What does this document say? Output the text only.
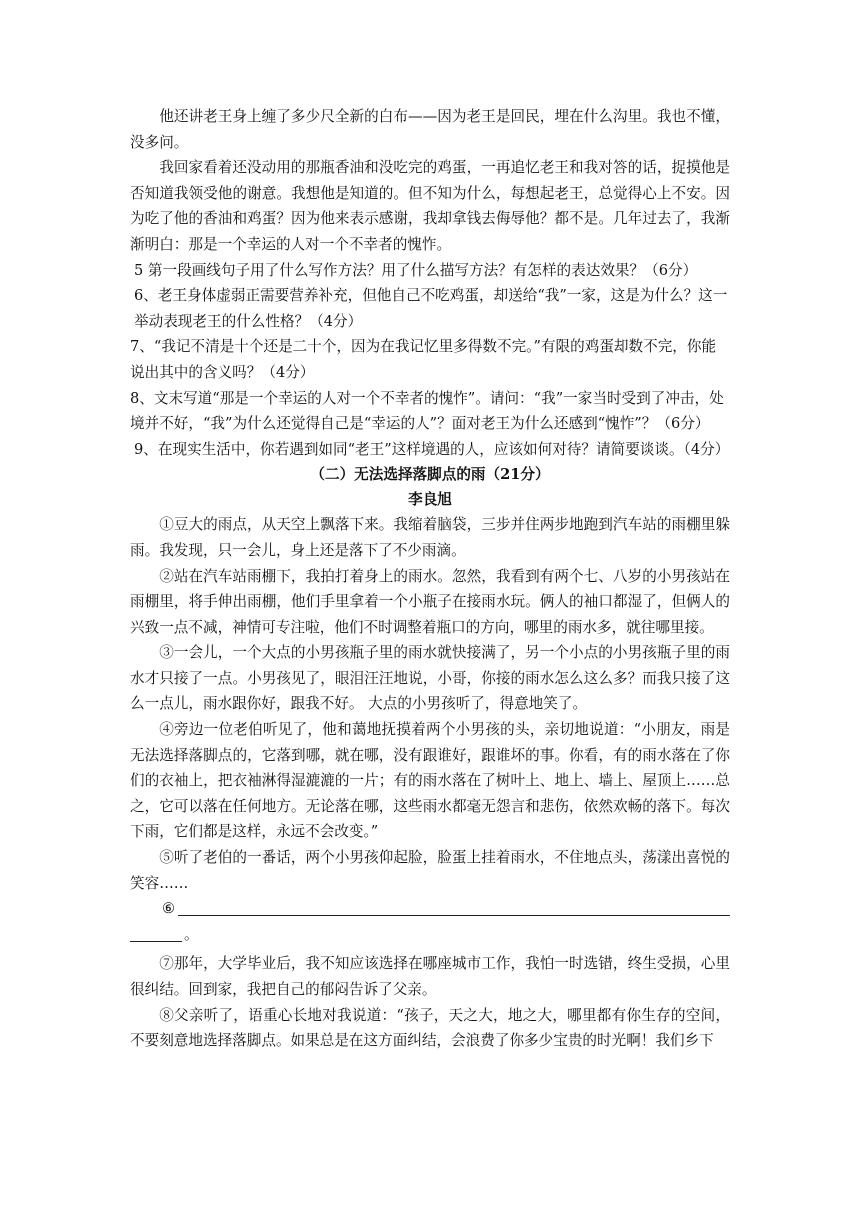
他还讲老王身上缠了多少尺全新的白布——因为老王是回民，埋在什么沟里。我也不懂，没多问。

我回家看着还没动用的那瓶香油和没吃完的鸡蛋，一再追忆老王和我对答的话，捉摸他是否知道我领受他的谢意。我想他是知道的。但不知为什么，每想起老王，总觉得心上不安。因为吃了他的香油和鸡蛋？因为他来表示感谢，我却拿钱去侮辱他？都不是。几年过去了，我渐渐明白：那是一个幸运的人对一个不幸者的愧怍。

5 第一段画线句子用了什么写作方法？用了什么描写方法？有怎样的表达效果？（6分）

6、老王身体虚弱正需要营养补充，但他自己不吃鸡蛋，却送给“我”一家，这是为什么？这一举动表现老王的什么性格？（4分）

7、“我记不清是十个还是二十个，因为在我记忆里多得数不完。”有限的鸡蛋却数不完，你能说出其中的含义吗？（4分）

8、文末写道“那是一个幸运的人对一个不幸者的愧怍”。请问：“我”一家当时受到了冲击，处境并不好，“我”为什么还觉得自己是“幸运的人”？面对老王为什么还感到“愧怍”？（6分）

9、在现实生活中，你若遇到如同“老王”这样境遇的人，应该如何对待？请简要谈谈。（4分）

（二）无法选择落脚点的雨（21分）

李良旭

①豆大的雨点，从天空上飘落下来。我缩着脑袋，三步并住两步地跑到汽车站的雨棚里躲雨。我发现，只一会儿，身上还是落下了不少雨滴。

②站在汽车站雨棚下，我拍打着身上的雨水。忽然，我看到有两个七、八岁的小男孩站在雨棚里，将手伸出雨棚，他们手里拿着一个小瓶子在接雨水玩。俩人的袖口都湿了，但俩人的兴致一点不减，神情可专注啦，他们不时调整着瓶口的方向，哪里的雨水多，就往哪里接。

③一会儿，一个大点的小男孩瓶子里的雨水就快接满了，另一个小点的小男孩瓶子里的雨水才只接了一点。小男孩见了，眼泪汪汪地说，小哥，你接的雨水怎么这么多？而我只接了这么一点儿，雨水跟你好，跟我不好。 大点的小男孩听了，得意地笑了。

④旁边一位老伯听见了，他和蔼地抚摸着两个小男孩的头，亲切地说道：“小朋友，雨是无法选择落脚点的，它落到哪，就在哪，没有跟谁好，跟谁坏的事。你看，有的雨水落在了你们的衣袖上，把衣袖淋得湿漉漉的一片；有的雨水落在了树叶上、地上、墙上、屋顶上……总之，它可以落在任何地方。无论落在哪，这些雨水都毫无怨言和悲伤，依然欢畅的落下。每次下雨，它们都是这样，永远不会改变。”

⑤听了老伯的一番话，两个小男孩仰起脸，脸蛋上挂着雨水，不住地点头，荡漾出喜悦的笑容……

⑥
。

⑦那年，大学毕业后，我不知应该选择在哪座城市工作，我怕一时选错，终生受损，心里很纠结。回到家，我把自己的郁闷告诉了父亲。

⑧父亲听了，语重心长地对我说道：“孩子，天之大，地之大，哪里都有你生存的空间，不要刻意地选择落脚点。如果总是在这方面纠结，会浪费了你多少宝贵的时光啊！我们乡下
